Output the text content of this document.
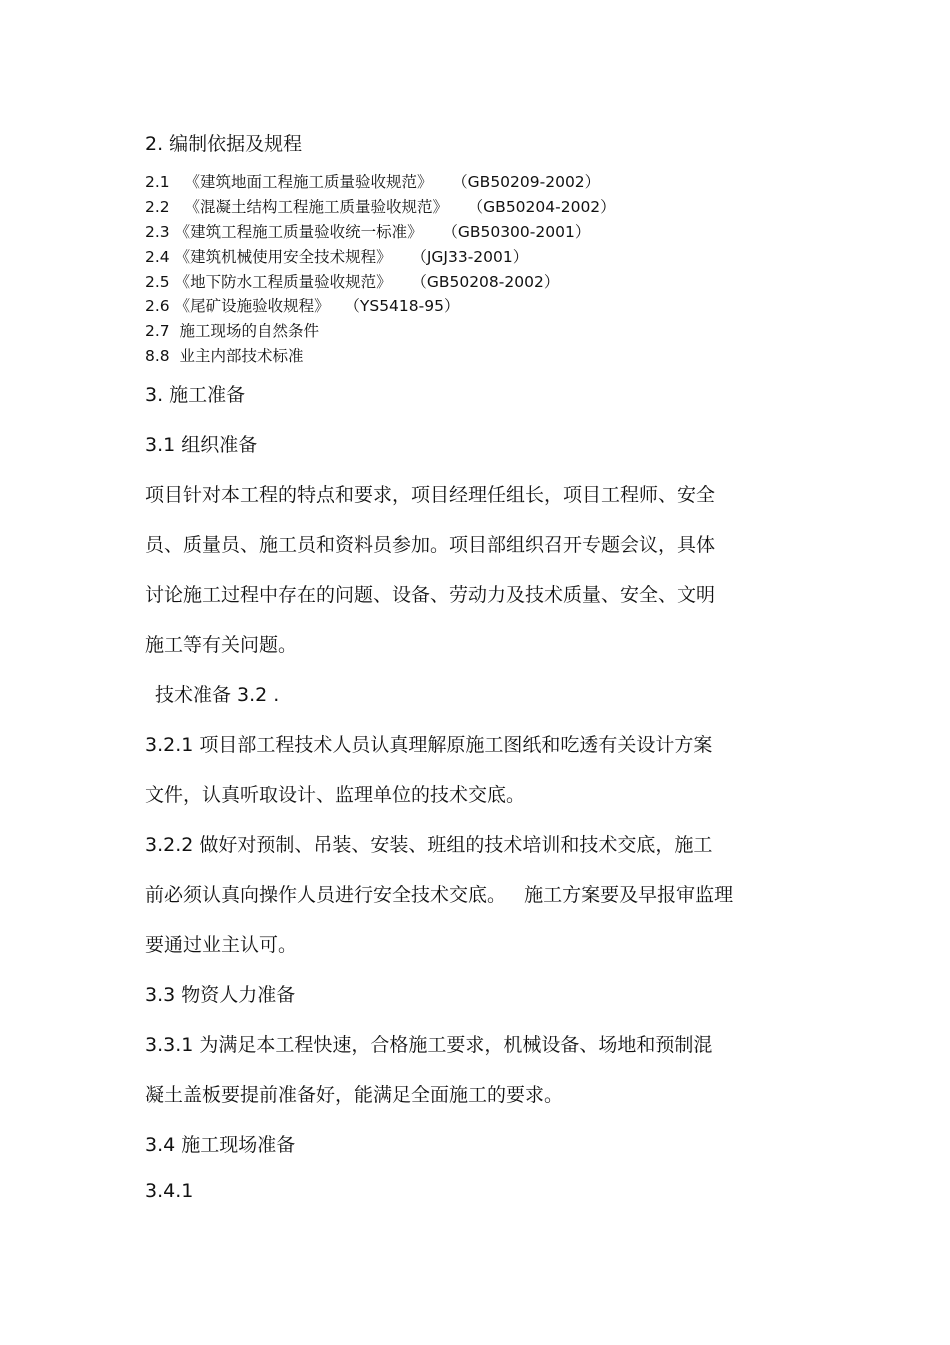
2. 编制依据及规程
2.1 《建筑地面工程施工质量验收规范》 （GB50209-2002）
2.2 《混凝土结构工程施工质量验收规范》 （GB50204-2002）
2.3 《建筑工程施工质量验收统一标准》 （GB50300-2001）
2.4 《建筑机械使用安全技术规程》 （JGJ33-2001）
2.5 《地下防水工程质量验收规范》 （GB50208-2002）
2.6 《尾矿设施验收规程》 （YS5418-95）
2.7 施工现场的自然条件
8.8 业主内部技术标准
3. 施工准备
3.1 组织准备
项目针对本工程的特点和要求，项目经理任组长，项目工程师、安全
员、质量员、施工员和资料员参加。项目部组织召开专题会议，具体
讨论施工过程中存在的问题、设备、劳动力及技术质量、安全、文明
施工等有关问题。
技术准备 3.2 .
3.2.1 项目部工程技术人员认真理解原施工图纸和吃透有关设计方案
文件，认真听取设计、监理单位的技术交底。
3.2.2 做好对预制、吊装、安装、班组的技术培训和技术交底，施工
前必须认真向操作人员进行安全技术交底。   施工方案要及早报审监理
要通过业主认可。
3.3 物资人力准备
3.3.1 为满足本工程快速，合格施工要求，机械设备、场地和预制混
凝土盖板要提前准备好，能满足全面施工的要求。
3.4 施工现场准备
3.4.1
